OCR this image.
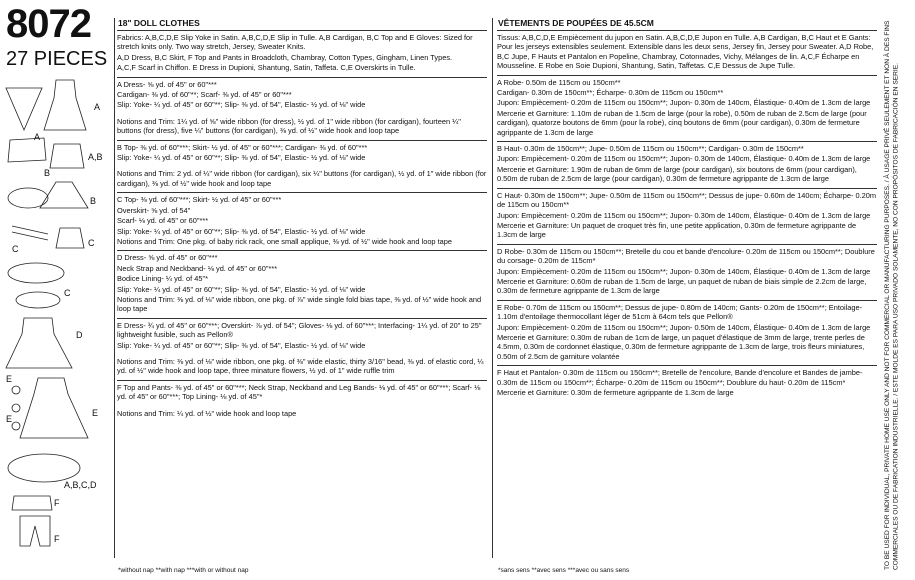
8072
27 PIECES
A
A
A,B
B
B
C
C
C
D
E
E
E
A,B,C,D
F
F
18" DOLL CLOTHES

Fabrics: A,B,C,D,E Slip Yoke in Satin. A,B,C,D,E Slip in Tulle. A,B Cardigan, B,C Top and E Gloves: Sized for stretch knits only. Two way stretch, Jersey, Sweater Knits.

A,D Dress, B,C Skirt, F Top and Pants in Broadcloth, Chambray, Cotton Types, Gingham, Linen Types.

A,C,F Scarf in Chiffon. E Dress in Dupioni, Shantung, Satin, Taffeta. C,E Overskirts in Tulle.

A Dress- ⅝ yd. of 45" or 60"***

Cardigan- ⅜ yd. of 60"**; Scarf- ⅜ yd. of 45" or 60"***

Slip: Yoke- ¼ yd. of 45" or 60"**; Slip- ⅜ yd. of 54", Elastic- ½ yd. of ⅛" wide

Notions and Trim: 1¼ yd. of ⅝" wide ribbon (for dress), ½ yd. of 1" wide ribbon (for cardigan), fourteen ¼" buttons (for dress), five ¼" buttons (for cardigan), ⅜ yd. of ½" wide hook and loop tape

B Top- ⅜ yd. of 60"***; Skirt- ½ yd. of 45" or 60"***; Cardigan- ⅜ yd. of 60"***

Slip: Yoke- ¼ yd. of 45" or 60"**; Slip- ⅜ yd. of 54", Elastic- ½ yd. of ⅛" wide

Notions and Trim: 2 yd. of ¼" wide ribbon (for cardigan), six ¼" buttons (for cardigan), ½ yd. of 1" wide ribbon (for cardigan), ⅜ yd. of ½" wide hook and loop tape

C Top- ⅜ yd. of 60"***; Skirt- ½ yd. of 45" or 60"***

Overskirt- ⅝ yd. of 54"

Scarf- ⅛ yd. of 45" or 60"***

Slip: Yoke- ¼ yd. of 45" or 60"**; Slip- ⅜ yd. of 54", Elastic- ½ yd. of ⅛" wide

Notions and Trim: One pkg. of baby rick rack, one small applique, ⅜ yd. of ½" wide hook and loop tape

D Dress- ⅝ yd. of 45" or 60"***

Neck Strap and Neckband- ⅛ yd. of 45" or 60"***

Bodice Lining- ¼ yd. of 45"*

Slip: Yoke- ¼ yd. of 45" or 60"**; Slip- ⅜ yd. of 54", Elastic- ½ yd. of ⅛" wide

Notions and Trim: ⅜ yd. of ⅛" wide ribbon, one pkg. of ⅞" wide single fold bias tape, ⅜ yd. of ½" wide hook and loop tape

E Dress- ¾ yd. of 45" or 60"***; Overskirt- ⅞ yd. of 54"; Gloves- ⅛ yd. of 60"***; Interfacing- 1¼ yd. of 20" to 25" lightweight fusible, such as Pellon®

Slip: Yoke- ¼ yd. of 45" or 60"**; Slip- ⅜ yd. of 54", Elastic- ½ yd. of ⅛" wide

Notions and Trim: ⅜ yd. of ⅛" wide ribbon, one pkg. of ⅜" wide elastic, thirty 3/16" bead, ⅜ yd. of elastic cord, ¼ yd. of ½" wide hook and loop tape, three minature flowers, ½ yd. of 1" wide ruffle trim

F Top and Pants- ⅜ yd. of 45" or 60"***; Neck Strap, Neckband and Leg Bands- ⅛ yd. of 45" or 60"***; Scarf- ⅛ yd. of 45" or 60"***; Top Lining- ⅛ yd. of 45"*

Notions and Trim: ¼ yd. of ½" wide hook and loop tape

*without nap **with nap ***with or without nap
VÊTEMENTS DE POUPÉES DE 45.5CM

Tissus: A,B,C,D,E Empiècement du jupon en Satin. A,B,C,D,E Jupon en Tulle. A,B Cardigan, B,C Haut et E Gants: Pour les jerseys extensibles seulement. Extensible dans les deux sens, Jersey fin, Jersey pour Sweater. A,D Robe, B,C Jupe, F Hauts et Pantalon en Popeline, Chambray, Cotonnades, Vichy, Mélanges de lin. A,C,F Écharpe en Mousseline. E Robe en Soie Dupioni, Shantung, Satin, Taffetas. C,E Dessus de Jupe Tulle.

A Robe- 0.50m de 115cm ou 150cm**

Cardigan- 0.30m de 150cm**; Écharpe- 0.30m de 115cm ou 150cm**

Jupon: Empiècement- 0.20m de 115cm ou 150cm**; Jupon- 0.30m de 140cm, Élastique- 0.40m de 1.3cm de large

Mercerie et Garniture: 1.10m de ruban de 1.5cm de large (pour la robe), 0.50m de ruban de 2.5cm de large (pour cardigan), quatorze boutons de 6mm (pour la robe), cinq boutons de 6mm (pour cardigan), 0.30m de fermeture agrippante de 1.3cm de large

B Haut- 0.30m de 150cm**; Jupe- 0.50m de 115cm ou 150cm**; Cardigan- 0.30m de 150cm**

Jupon: Empiècement- 0.20m de 115cm ou 150cm**; Jupon- 0.30m de 140cm, Élastique- 0.40m de 1.3cm de large

Mercerie et Garniture: 1.90m de ruban de 6mm de large (pour cardigan), six boutons de 6mm (pour cardigan), 0.50m de ruban de 2.5cm de large (pour cardigan), 0.30m de fermeture agrippante de 1.3cm de large

C Haut- 0.30m de 150cm**; Jupe- 0.50m de 115cm ou 150cm**; Dessus de jupe- 0.60m de 140cm; Écharpe- 0.20m de 115cm ou 150cm**

Jupon: Empiècement- 0.20m de 115cm ou 150cm**; Jupon- 0.30m de 140cm, Élastique- 0.40m de 1.3cm de large

Mercerie et Garniture: Un paquet de croquet très fin, une petite application, 0.30m de fermeture agrippante de 1.3cm de large

D Robe- 0.30m de 115cm ou 150cm**; Bretelle du cou et bande d'encolure- 0.20m de 115cm ou 150cm**; Doublure du corsage- 0.20m de 115cm*

Jupon: Empiècement- 0.20m de 115cm ou 150cm**; Jupon- 0.30m de 140cm, Élastique- 0.40m de 1.3cm de large

Mercerie et Garniture: 0.60m de ruban de 1.5cm de large, un paquet de ruban de biais simple de 2.2cm de large, 0.30m de fermeture agrippante de 1.3cm de large

E Robe- 0.70m de 115cm ou 150cm**; Dessus de jupe- 0.80m de 140cm; Gants- 0.20m de 150cm**; Entoilage- 1.10m d'entoilage thermocollant léger de 51cm à 64cm tels que Pellon®

Jupon: Empiècement- 0.20m de 115cm ou 150cm**; Jupon- 0.50m de 140cm, Élastique- 0.40m de 1.3cm de large

Mercerie et Garniture: 0.30m de ruban de 1cm de large, un paquet d'élastique de 3mm de large, trente perles de 4.5mm, 0.30m de cordonnet élastique, 0.30m de fermeture agrippante de 1.3cm de large, trois fleurs miniatures, 0.50m of 2.5cm de garniture volantée

F Haut et Pantalon- 0.30m de 115cm ou 150cm**; Bretelle de l'encolure, Bande d'encolure et Bandes de jambe- 0.30m de 115cm ou 150cm**; Écharpe- 0.20m de 115cm ou 150cm**; Doublure du haut- 0.20m de 115cm*

Mercerie et Garniture: 0.30m de fermeture agrippante de 1.3cm de large

*sans sens **avec sens ***avec ou sans sens
TO BE USED FOR INDIVIDUAL, PRIVATE HOME USE ONLY AND NOT FOR COMMERCIAL OR MANUFACTURING PURPOSES. / À USAGE PRIVÉ SEULEMENT ET NON À DES FINS COMMERCIALES OU DE FABRICATION INDUSTRIELLE. / ESTE MOLDE ES PARA USO PRIVADO SOLAMENTE, NO CON PROPÓSITOS DE FABRICACIÓN EN SERIE.
